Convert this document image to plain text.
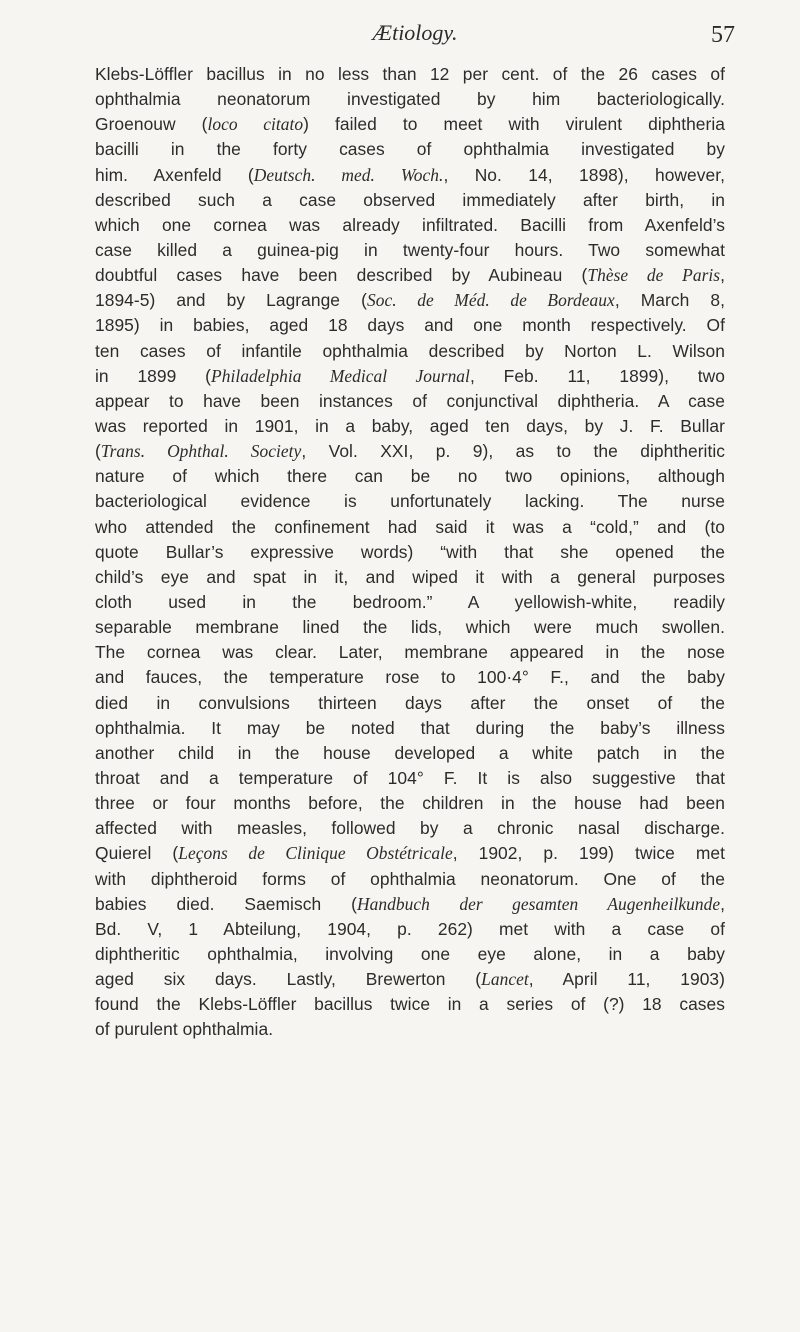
Ætiology.	57
Klebs-Löffler bacillus in no less than 12 per cent. of the 26 cases of
ophthalmia neonatorum investigated by him bacteriologically.
Groenouw (loco citato) failed to meet with virulent diphtheria
bacilli in the forty cases of ophthalmia investigated by
him. Axenfeld (Deutsch. med. Woch., No. 14, 1898), however,
described such a case observed immediately after birth, in
which one cornea was already infiltrated. Bacilli from Axenfeld’s
case killed a guinea-pig in twenty-four hours. Two somewhat
doubtful cases have been described by Aubineau (Thèse de Paris,
1894-5) and by Lagrange (Soc. de Méd. de Bordeaux, March 8,
1895) in babies, aged 18 days and one month respectively. Of
ten cases of infantile ophthalmia described by Norton L. Wilson
in 1899 (Philadelphia Medical Journal, Feb. 11, 1899), two
appear to have been instances of conjunctival diphtheria. A case
was reported in 1901, in a baby, aged ten days, by J. F. Bullar
(Trans. Ophthal. Society, Vol. XXI, p. 9), as to the diphtheritic
nature of which there can be no two opinions, although
bacteriological evidence is unfortunately lacking. The nurse
who attended the confinement had said it was a “cold,” and (to
quote Bullar’s expressive words) “with that she opened the
child’s eye and spat in it, and wiped it with a general purposes
cloth used in the bedroom.” A yellowish-white, readily
separable membrane lined the lids, which were much swollen.
The cornea was clear. Later, membrane appeared in the nose
and fauces, the temperature rose to 100·4° F., and the baby
died in convulsions thirteen days after the onset of the
ophthalmia. It may be noted that during the baby’s illness
another child in the house developed a white patch in the
throat and a temperature of 104° F. It is also suggestive that
three or four months before, the children in the house had been
affected with measles, followed by a chronic nasal discharge.
Quierel (Leçons de Clinique Obstétricale, 1902, p. 199) twice met
with diphtheroid forms of ophthalmia neonatorum. One of the
babies died. Saemisch (Handbuch der gesamten Augenheilkunde,
Bd. V, 1 Abteilung, 1904, p. 262) met with a case of
diphtheritic ophthalmia, involving one eye alone, in a baby
aged six days. Lastly, Brewerton (Lancet, April 11, 1903)
found the Klebs-Löffler bacillus twice in a series of (?) 18 cases
of purulent ophthalmia.
